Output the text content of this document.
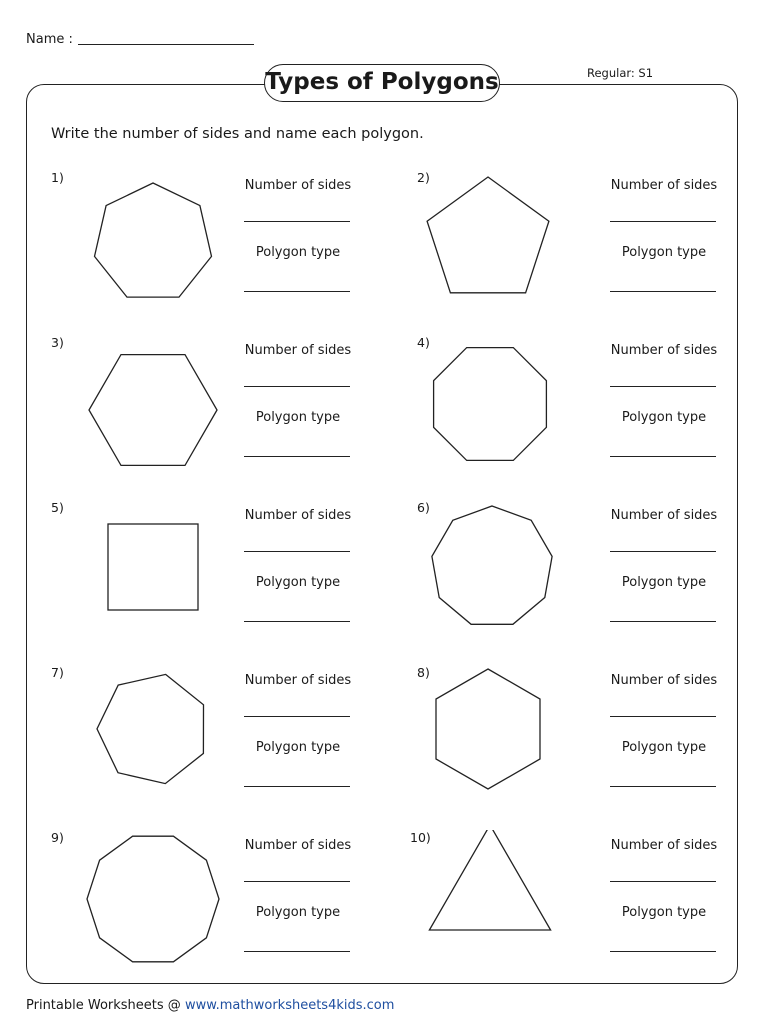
Name :
Types of Polygons	Regular: S1
Write the number of sides and name each polygon.
1)
Number of sides
Polygon type
2)
Number of sides
Polygon type
3)
Number of sides
Polygon type
4)
Number of sides
Polygon type
5)
Number of sides
Polygon type
6)
Number of sides
Polygon type
7)
Number of sides
Polygon type
8)
Number of sides
Polygon type
9)
Number of sides
Polygon type
10)
Number of sides
Polygon type
Printable Worksheets @ www.mathworksheets4kids.com
